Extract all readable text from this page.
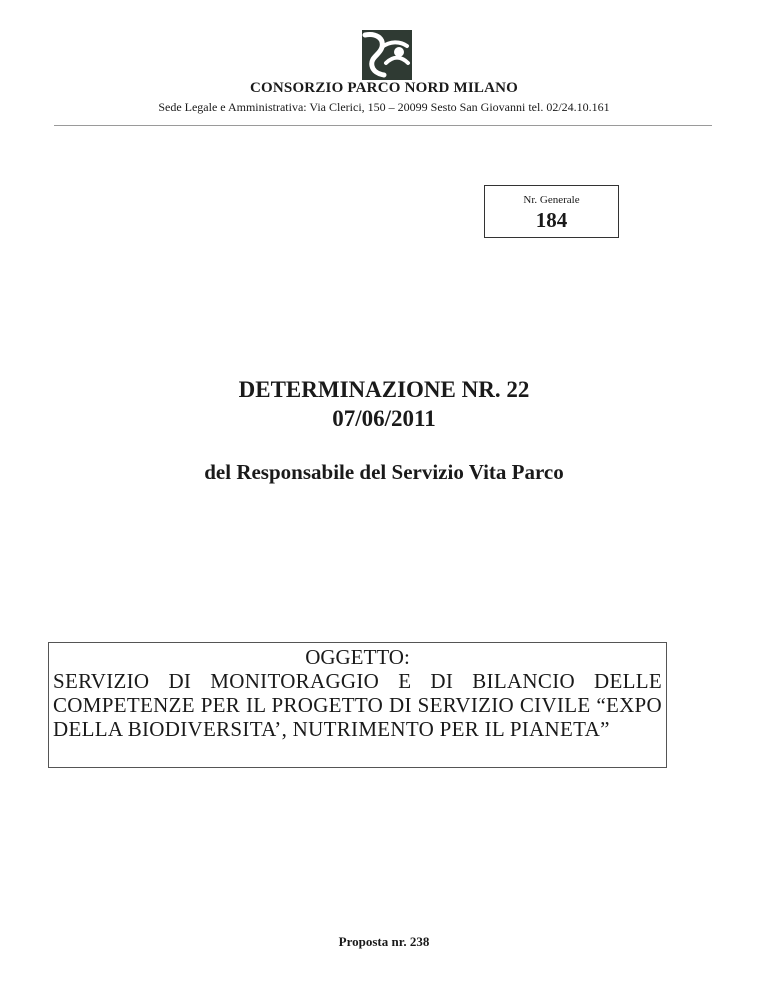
CONSORZIO PARCO NORD MILANO
Sede Legale e Amministrativa: Via Clerici, 150 – 20099 Sesto San Giovanni tel. 02/24.10.161
Nr. Generale
184
DETERMINAZIONE NR. 22
07/06/2011
del Responsabile del Servizio Vita Parco
OGGETTO:
SERVIZIO DI MONITORAGGIO E DI BILANCIO DELLE COMPETENZE PER IL PROGETTO DI SERVIZIO CIVILE “EXPO DELLA BIODIVERSITA’, NUTRIMENTO PER IL PIANETA”
Proposta nr. 238
